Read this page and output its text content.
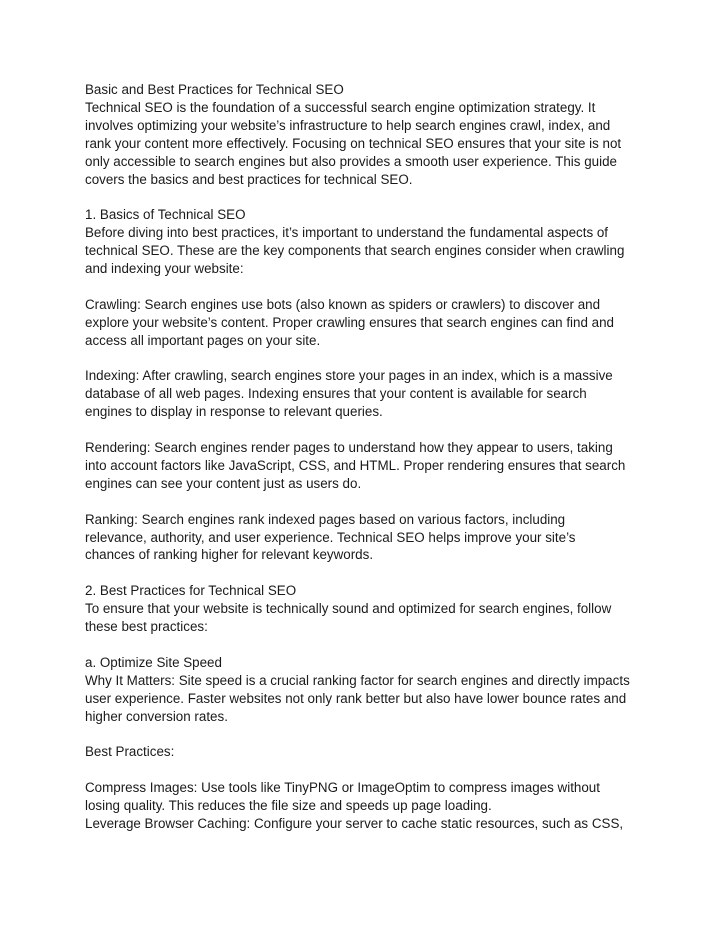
Basic and Best Practices for Technical SEO
Technical SEO is the foundation of a successful search engine optimization strategy. It
involves optimizing your website’s infrastructure to help search engines crawl, index, and
rank your content more effectively. Focusing on technical SEO ensures that your site is not
only accessible to search engines but also provides a smooth user experience. This guide
covers the basics and best practices for technical SEO.
1. Basics of Technical SEO
Before diving into best practices, it’s important to understand the fundamental aspects of
technical SEO. These are the key components that search engines consider when crawling
and indexing your website:
Crawling: Search engines use bots (also known as spiders or crawlers) to discover and
explore your website’s content. Proper crawling ensures that search engines can find and
access all important pages on your site.
Indexing: After crawling, search engines store your pages in an index, which is a massive
database of all web pages. Indexing ensures that your content is available for search
engines to display in response to relevant queries.
Rendering: Search engines render pages to understand how they appear to users, taking
into account factors like JavaScript, CSS, and HTML. Proper rendering ensures that search
engines can see your content just as users do.
Ranking: Search engines rank indexed pages based on various factors, including
relevance, authority, and user experience. Technical SEO helps improve your site’s
chances of ranking higher for relevant keywords.
2. Best Practices for Technical SEO
To ensure that your website is technically sound and optimized for search engines, follow
these best practices:
a. Optimize Site Speed
Why It Matters: Site speed is a crucial ranking factor for search engines and directly impacts
user experience. Faster websites not only rank better but also have lower bounce rates and
higher conversion rates.
Best Practices:
Compress Images: Use tools like TinyPNG or ImageOptim to compress images without
losing quality. This reduces the file size and speeds up page loading.
Leverage Browser Caching: Configure your server to cache static resources, such as CSS,
